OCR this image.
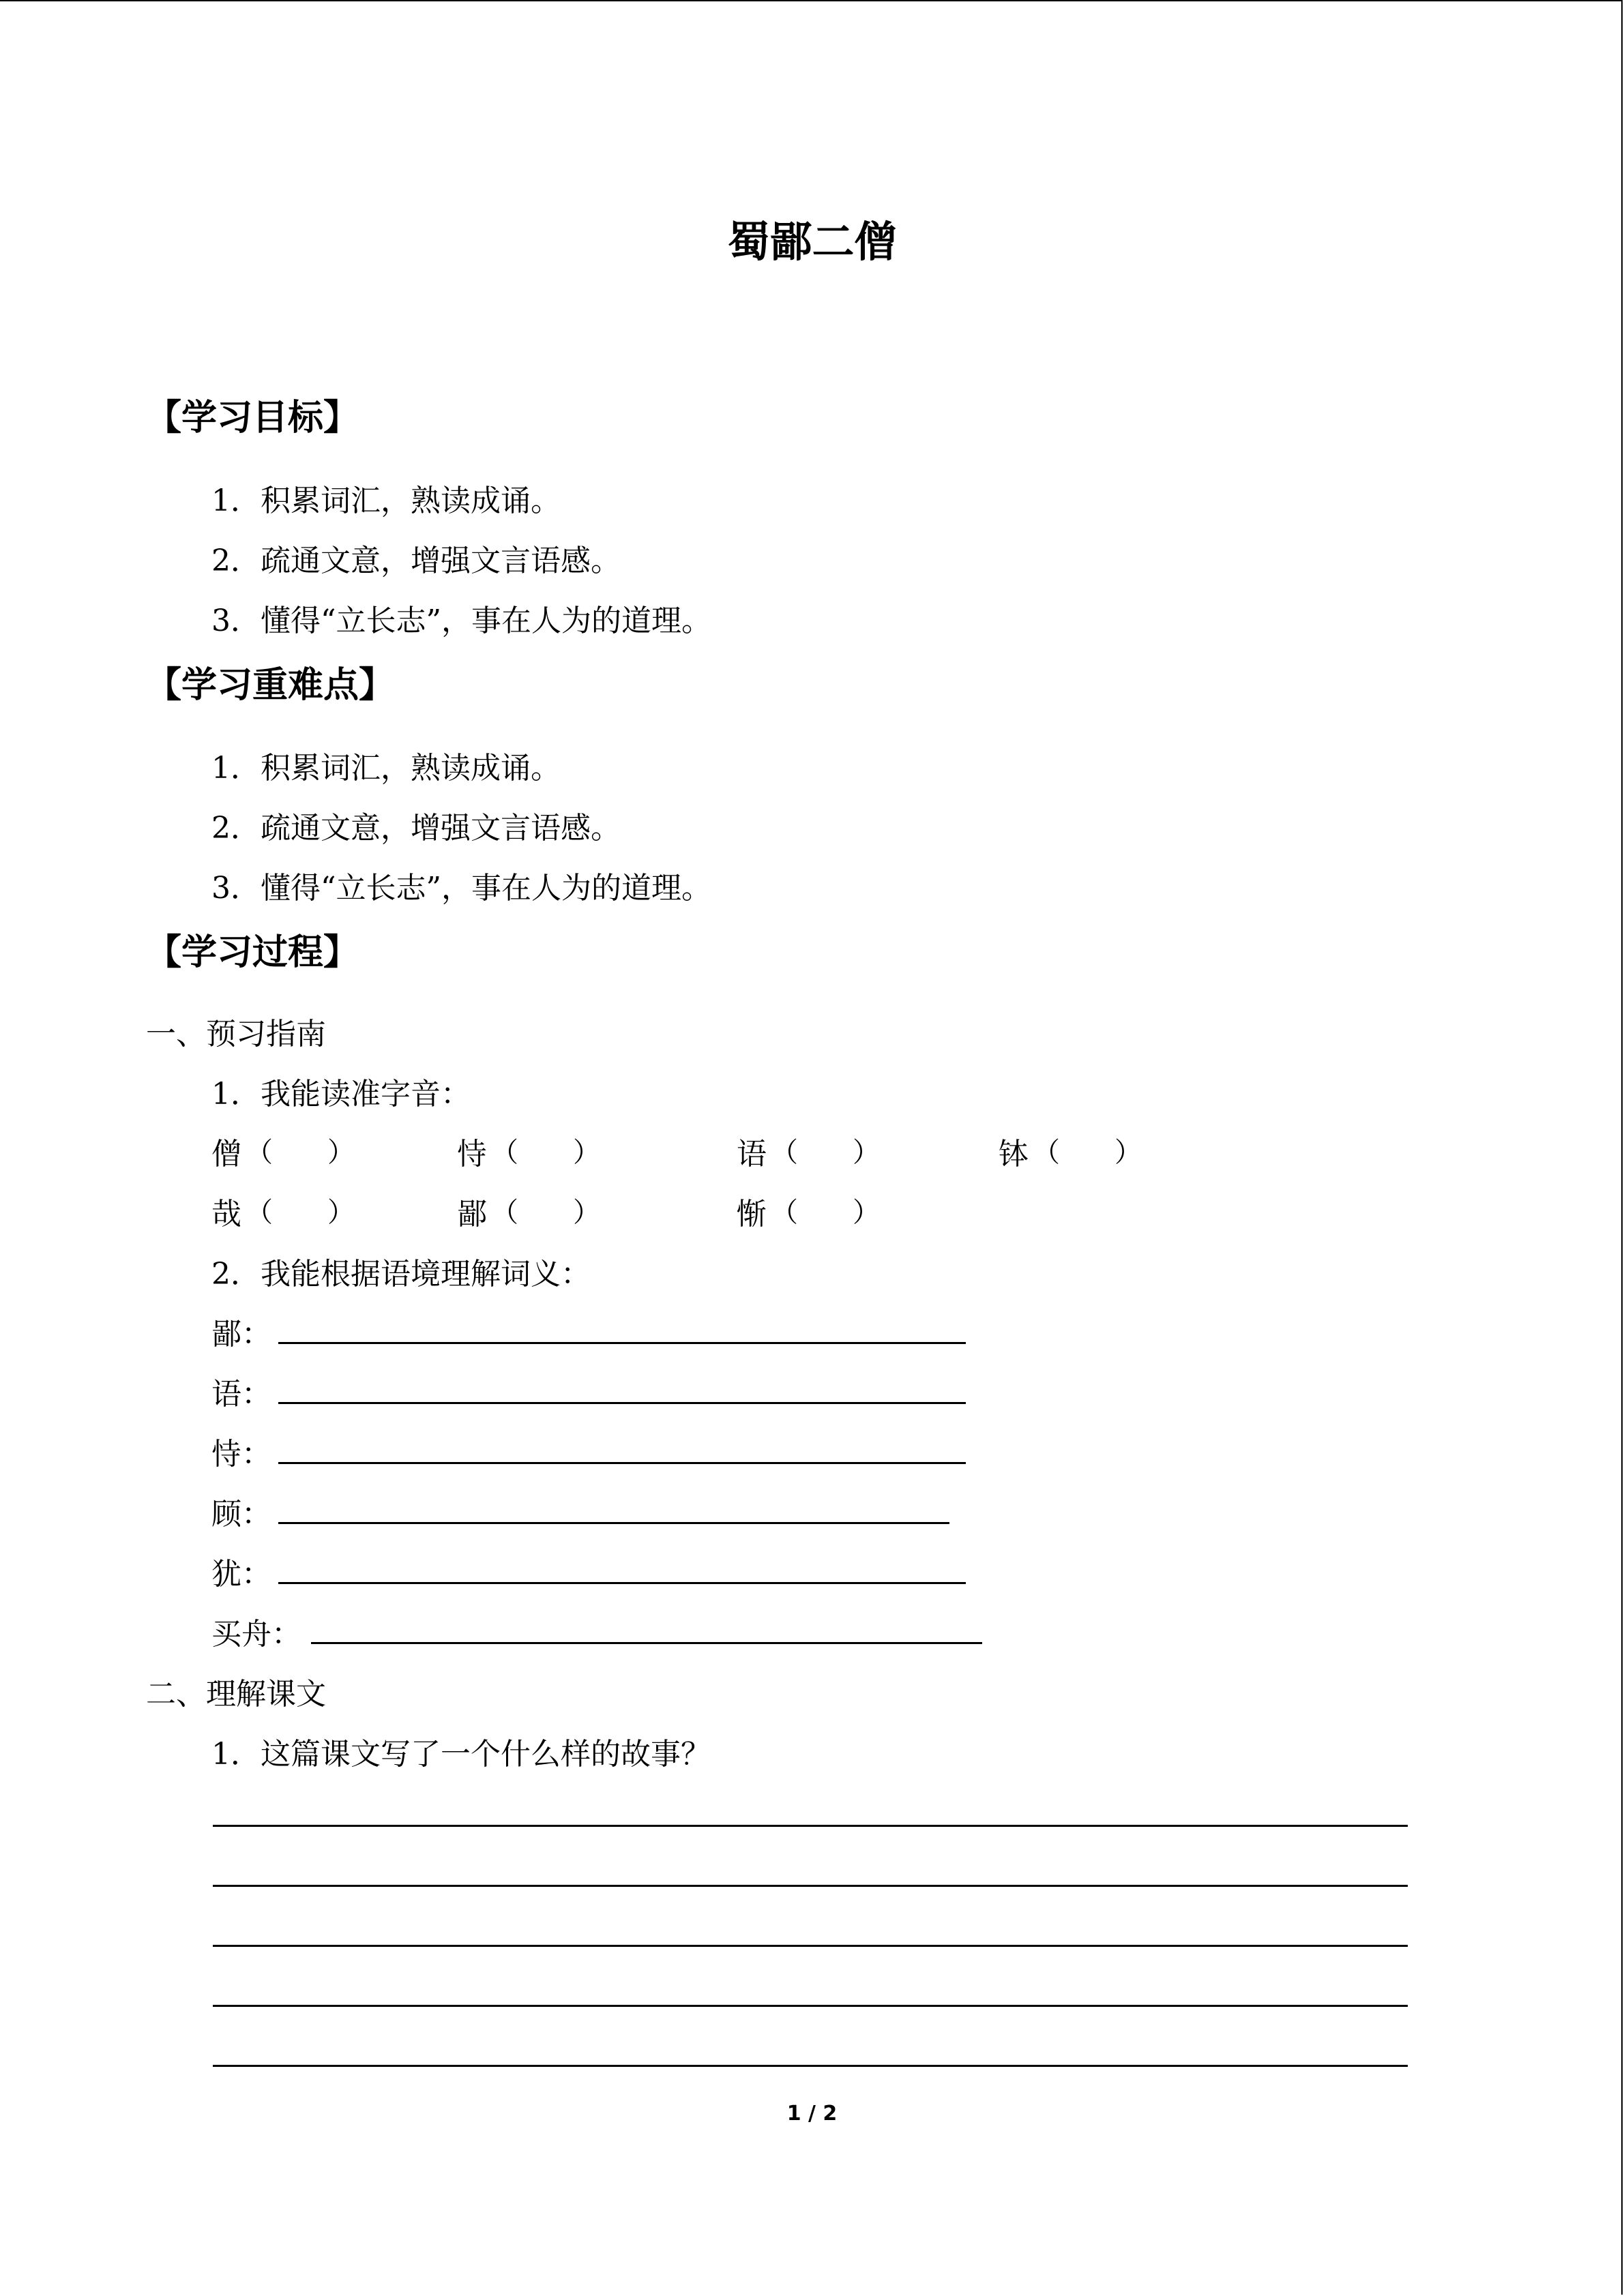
蜀鄙二僧
【学习目标】
1．积累词汇，熟读成诵。
2．疏通文意，增强文言语感。
3．懂得“立长志”，事在人为的道理。
【学习重难点】
1．积累词汇，熟读成诵。
2．疏通文意，增强文言语感。
3．懂得“立长志”，事在人为的道理。
【学习过程】
一、预习指南
1．我能读准字音：
僧 （　　）	恃 （　　）	语 （　　）	钵 （　　）
哉 （　　）	鄙 （　　）	惭 （　　）
2．我能根据语境理解词义：
鄙：
语：
恃：
顾：
犹：
买舟：
二、理解课文
1．这篇课文写了一个什么样的故事？
1 / 2
